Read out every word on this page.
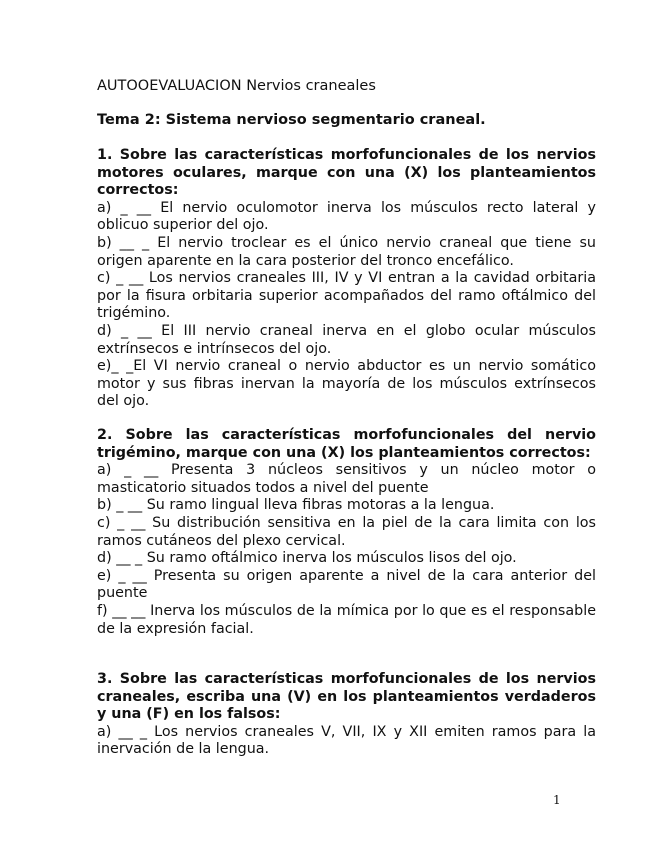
AUTOOEVALUACION Nervios craneales

Tema 2: Sistema nervioso segmentario craneal.

1. Sobre las características morfofuncionales de los nervios motores oculares, marque con una (X) los planteamientos correctos:

a) _ __ El nervio oculomotor inerva los músculos recto lateral y oblicuo superior del ojo.

b) __ _ El nervio troclear es el único nervio craneal que tiene su origen aparente en la cara posterior del tronco encefálico.

c) _ __ Los nervios craneales III, IV y VI entran a la cavidad orbitaria por la fisura orbitaria superior acompañados del ramo oftálmico del trigémino.

d) _ __ El III nervio craneal inerva en el globo ocular músculos extrínsecos e intrínsecos del ojo.

e)_ _El VI nervio craneal o nervio abductor es un nervio somático motor y sus fibras inervan la mayoría de los músculos extrínsecos del ojo.

2. Sobre las características morfofuncionales del nervio trigémino, marque con una (X) los planteamientos correctos:

a) _ __ Presenta 3 núcleos sensitivos y un núcleo motor o masticatorio situados todos a nivel del puente

b) _ __ Su ramo lingual lleva fibras motoras a la lengua.

c) _ __ Su distribución sensitiva en la piel de la cara limita con los ramos cutáneos del plexo cervical.

d) __ _ Su ramo oftálmico inerva los músculos lisos del ojo.

e) _ __ Presenta su origen aparente a nivel de la cara anterior del puente

f) __ __ Inerva los músculos de la mímica por lo que es el responsable de la expresión facial.

3. Sobre las características morfofuncionales de los nervios craneales, escriba una (V) en los planteamientos verdaderos y una (F) en los falsos:

a) __ _ Los nervios craneales V, VII, IX y XII emiten ramos para la inervación de la lengua.

1
